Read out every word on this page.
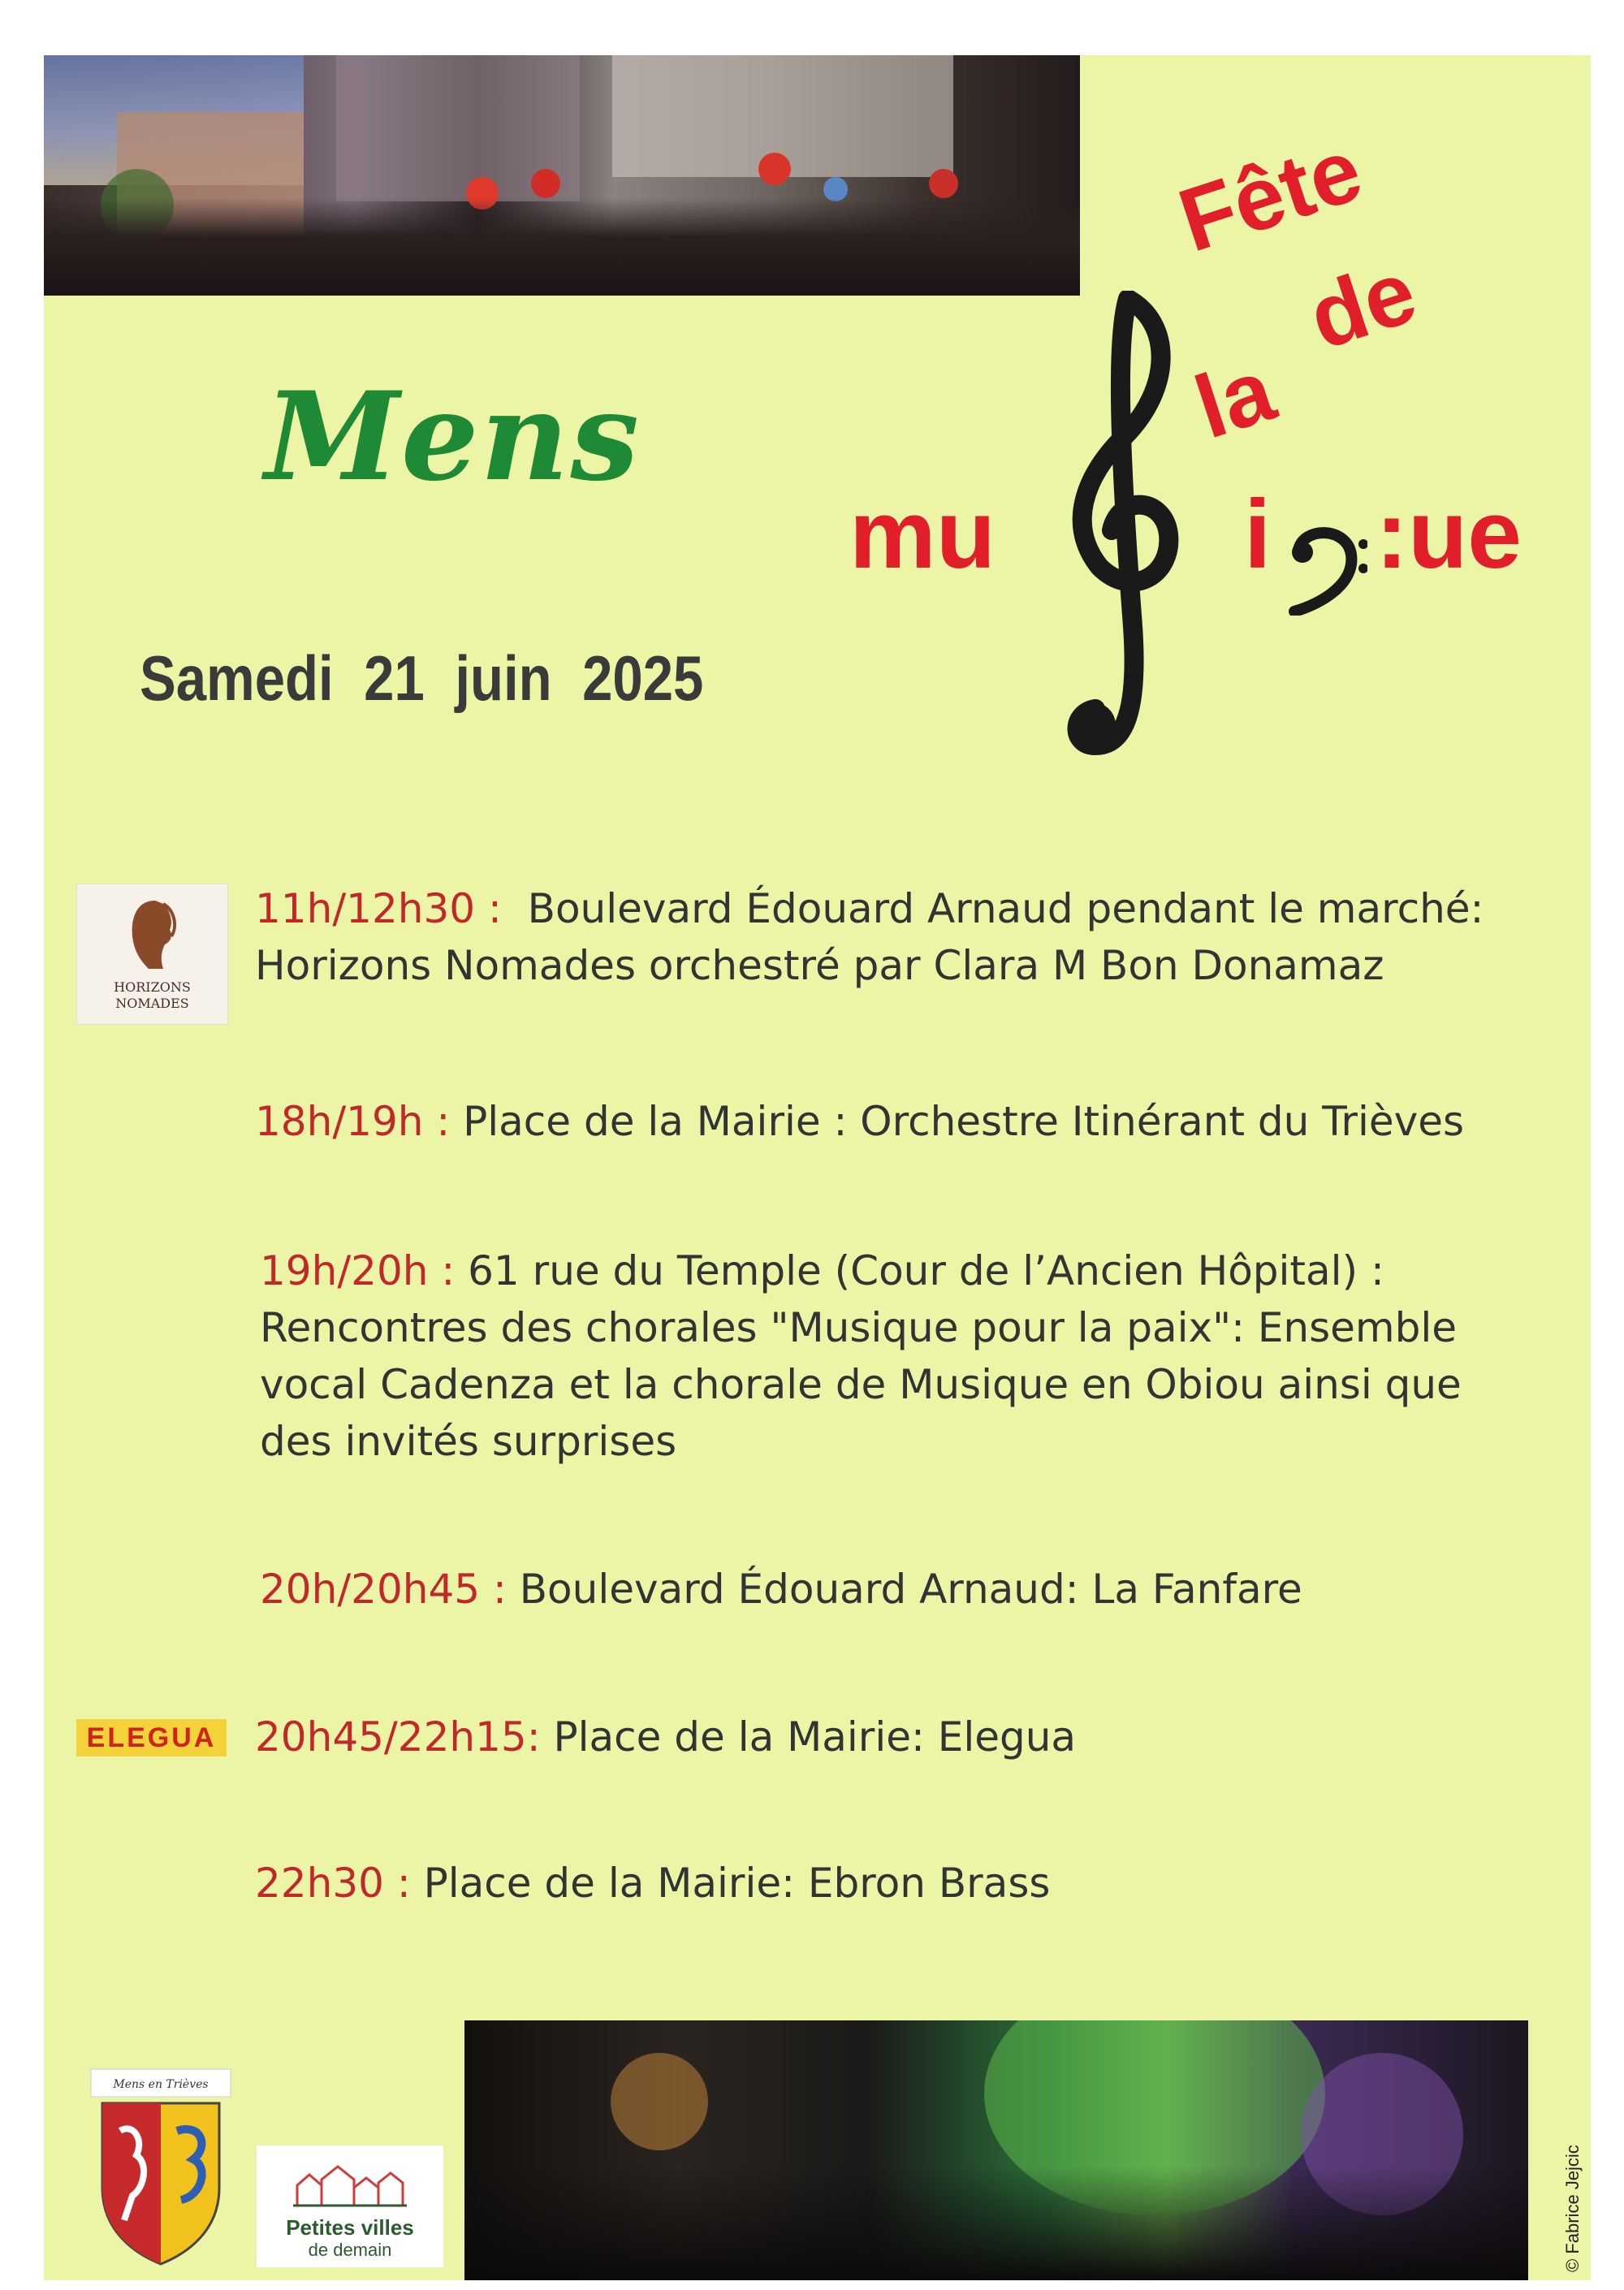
Mens
Fête
de
la
mu	i :ue

Samedi 21 juin 2025

HORIZONS
NOMADES
11h/12h30 : Boulevard Édouard Arnaud pendant le marché:
Horizons Nomades orchestré par Clara M Bon Donamaz
18h/19h : Place de la Mairie : Orchestre Itinérant du Trièves
19h/20h : 61 rue du Temple (Cour de l’Ancien Hôpital) :
Rencontres des chorales "Musique pour la paix": Ensemble
vocal Cadenza et la chorale de Musique en Obiou ainsi que
des invités surprises
20h/20h45 : Boulevard Édouard Arnaud: La Fanfare
ELEGUA 20h45/22h15: Place de la Mairie: Elegua
22h30 : Place de la Mairie: Ebron Brass
© Fabrice Jejcic
Mens en Trièves
Petites villes
de demain
